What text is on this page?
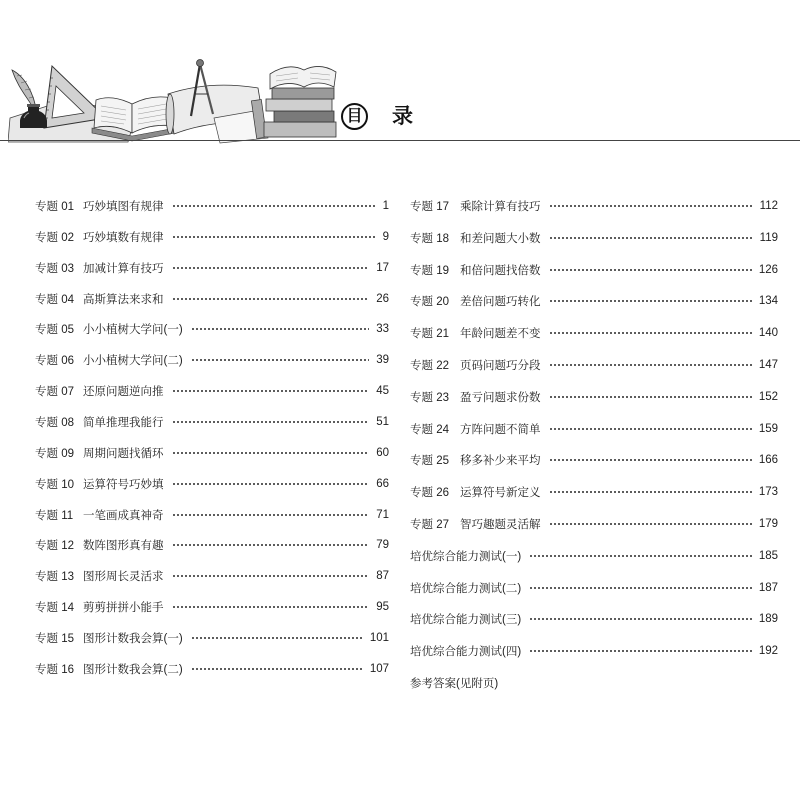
目 录
专题 01 巧妙填图有规律	1
专题 02 巧妙填数有规律	9
专题 03 加减计算有技巧	17
专题 04 高斯算法来求和	26
专题 05 小小植树大学问(一)	33
专题 06 小小植树大学问(二)	39
专题 07 还原问题逆向推	45
专题 08 简单推理我能行	51
专题 09 周期问题找循环	60
专题 10 运算符号巧妙填	66
专题 11 一笔画成真神奇	71
专题 12 数阵图形真有趣	79
专题 13 图形周长灵活求	87
专题 14 剪剪拼拼小能手	95
专题 15 图形计数我会算(一)	101
专题 16 图形计数我会算(二)	107
专题 17 乘除计算有技巧	112
专题 18 和差问题大小数	119
专题 19 和倍问题找倍数	126
专题 20 差倍问题巧转化	134
专题 21 年龄问题差不变	140
专题 22 页码问题巧分段	147
专题 23 盈亏问题求份数	152
专题 24 方阵问题不简单	159
专题 25 移多补少来平均	166
专题 26 运算符号新定义	173
专题 27 智巧趣题灵活解	179
培优综合能力测试(一)	185
培优综合能力测试(二)	187
培优综合能力测试(三)	189
培优综合能力测试(四)	192
参考答案(见附页)
